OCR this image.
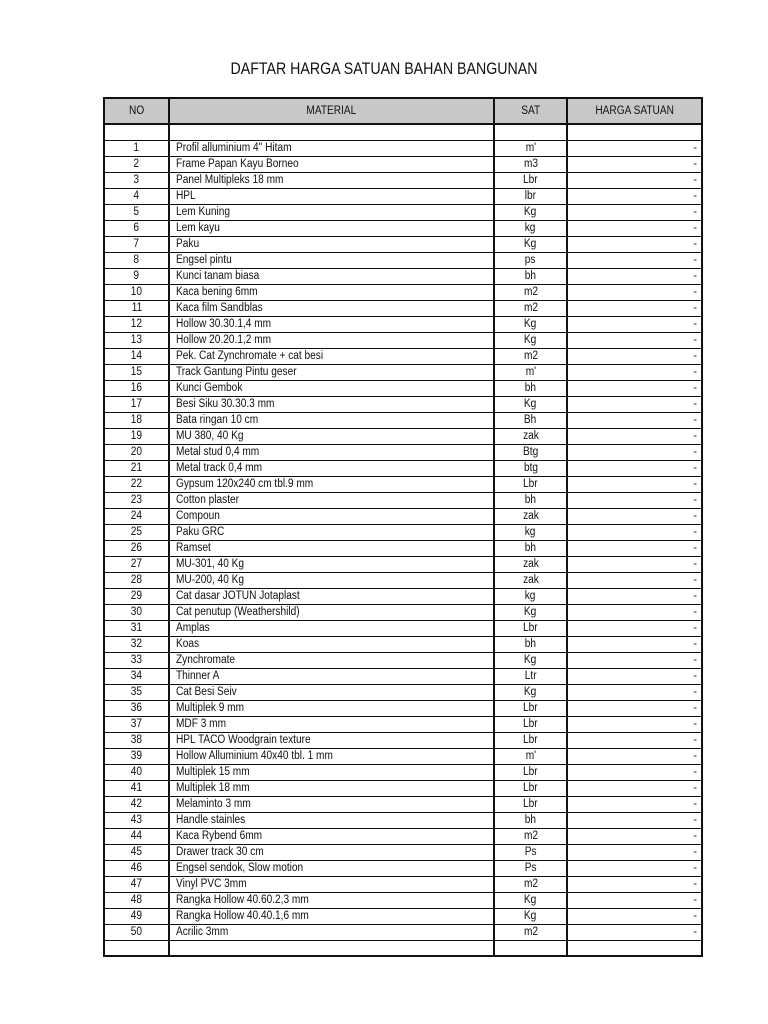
DAFTAR HARGA SATUAN BAHAN BANGUNAN
NO	MATERIAL	SAT	HARGA SATUAN

1	Profil alluminium 4" Hitam	m'	-
2	Frame Papan Kayu Borneo	m3	-
3	Panel Multipleks 18 mm	Lbr	-
4	HPL	lbr	-
5	Lem Kuning	Kg	-
6	Lem kayu	kg	-
7	Paku	Kg	-
8	Engsel pintu	ps	-
9	Kunci tanam biasa	bh	-
10	Kaca bening 6mm	m2	-
11	Kaca film Sandblas	m2	-
12	Hollow 30.30.1,4 mm	Kg	-
13	Hollow 20.20.1,2 mm	Kg	-
14	Pek. Cat Zynchromate + cat besi	m2	-
15	Track Gantung Pintu geser	m'	-
16	Kunci Gembok	bh	-
17	Besi Siku 30.30.3 mm	Kg	-
18	Bata ringan 10 cm	Bh	-
19	MU 380, 40 Kg	zak	-
20	Metal stud 0,4 mm	Btg	-
21	Metal track 0,4 mm	btg	-
22	Gypsum 120x240 cm tbl.9 mm	Lbr	-
23	Cotton plaster	bh	-
24	Compoun	zak	-
25	Paku GRC	kg	-
26	Ramset	bh	-
27	MU-301, 40 Kg	zak	-
28	MU-200, 40 Kg	zak	-
29	Cat dasar JOTUN Jotaplast	kg	-
30	Cat penutup (Weathershild)	Kg	-
31	Amplas	Lbr	-
32	Koas	bh	-
33	Zynchromate	Kg	-
34	Thinner A	Ltr	-
35	Cat Besi Seiv	Kg	-
36	Multiplek 9 mm	Lbr	-
37	MDF 3 mm	Lbr	-
38	HPL TACO Woodgrain texture	Lbr	-
39	Hollow Alluminium 40x40 tbl. 1 mm	m'	-
40	Multiplek 15 mm	Lbr	-
41	Multiplek 18 mm	Lbr	-
42	Melaminto 3 mm	Lbr	-
43	Handle stainles	bh	-
44	Kaca Rybend 6mm	m2	-
45	Drawer track 30 cm	Ps	-
46	Engsel sendok, Slow motion	Ps	-
47	Vinyl PVC 3mm	m2	-
48	Rangka Hollow 40.60.2,3 mm	Kg	-
49	Rangka Hollow 40.40.1,6 mm	Kg	-
50	Acrilic 3mm	m2	-
